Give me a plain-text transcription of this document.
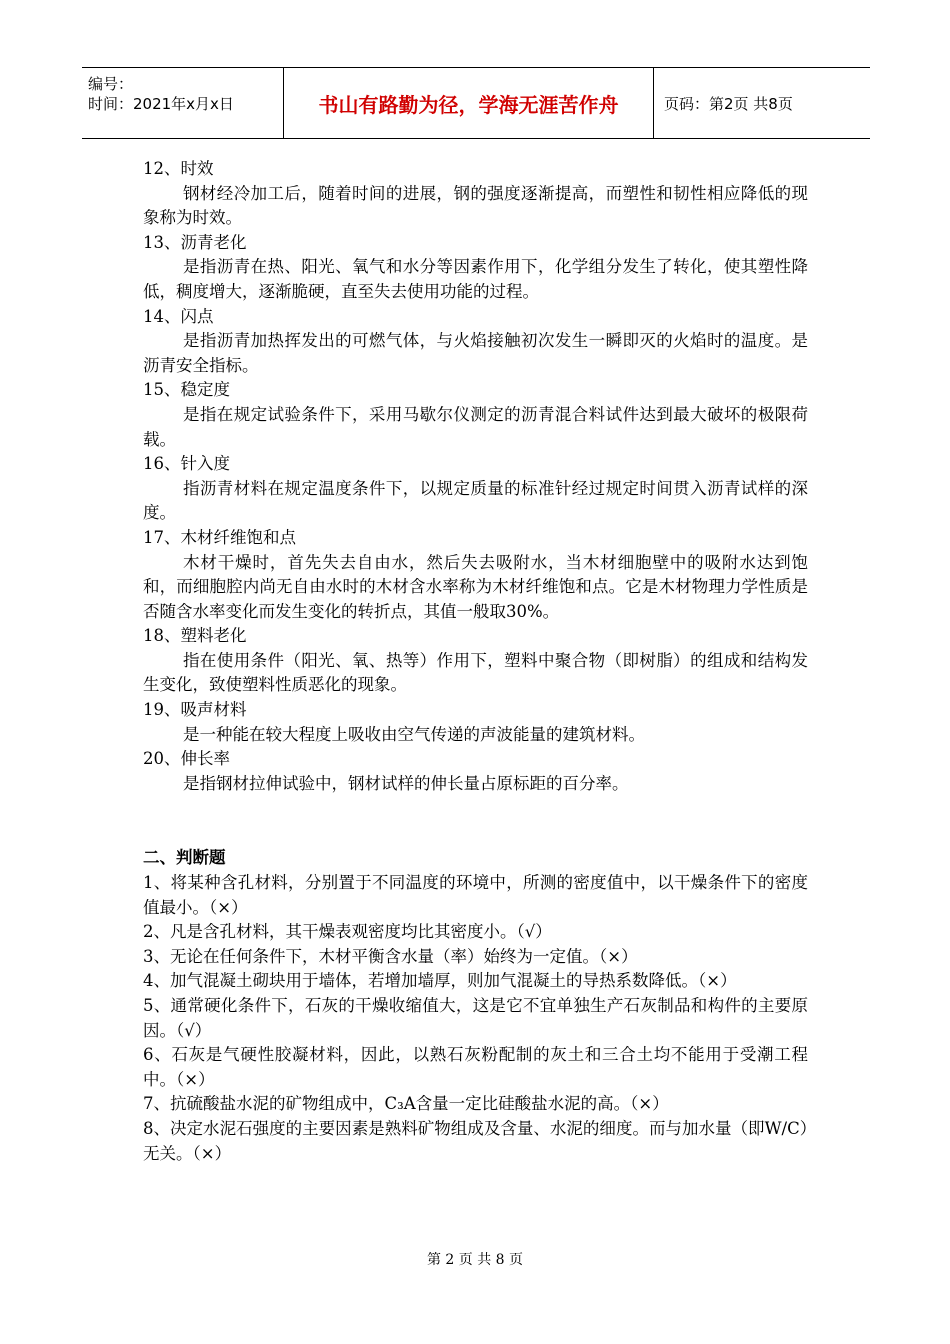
编号：
时间：2021年x月x日	书山有路勤为径，学海无涯苦作舟	页码：第2页 共8页

12、时效

钢材经冷加工后，随着时间的进展，钢的强度逐渐提高，而塑性和韧性相应降低的现象称为时效。

13、沥青老化

是指沥青在热、阳光、氧气和水分等因素作用下，化学组分发生了转化，使其塑性降低，稠度增大，逐渐脆硬，直至失去使用功能的过程。

14、闪点

是指沥青加热挥发出的可燃气体，与火焰接触初次发生一瞬即灭的火焰时的温度。是沥青安全指标。

15、稳定度

是指在规定试验条件下，采用马歇尔仪测定的沥青混合料试件达到最大破坏的极限荷载。

16、针入度

指沥青材料在规定温度条件下，以规定质量的标准针经过规定时间贯入沥青试样的深度。

17、木材纤维饱和点

木材干燥时，首先失去自由水，然后失去吸附水，当木材细胞壁中的吸附水达到饱和，而细胞腔内尚无自由水时的木材含水率称为木材纤维饱和点。它是木材物理力学性质是否随含水率变化而发生变化的转折点，其值一般取30%。

18、塑料老化

指在使用条件（阳光、氧、热等）作用下，塑料中聚合物（即树脂）的组成和结构发生变化，致使塑料性质恶化的现象。

19、吸声材料

是一种能在较大程度上吸收由空气传递的声波能量的建筑材料。

20、伸长率

是指钢材拉伸试验中，钢材试样的伸长量占原标距的百分率。

二、判断题

1、将某种含孔材料，分别置于不同温度的环境中，所测的密度值中，以干燥条件下的密度值最小。（×）

2、凡是含孔材料，其干燥表观密度均比其密度小。（√）

3、无论在任何条件下，木材平衡含水量（率）始终为一定值。（×）

4、加气混凝土砌块用于墙体，若增加墙厚，则加气混凝土的导热系数降低。（×）

5、通常硬化条件下，石灰的干燥收缩值大，这是它不宜单独生产石灰制品和构件的主要原因。（√）

6、石灰是气硬性胶凝材料，因此，以熟石灰粉配制的灰土和三合土均不能用于受潮工程中。（×）

7、抗硫酸盐水泥的矿物组成中，C₃A含量一定比硅酸盐水泥的高。（×）

8、决定水泥石强度的主要因素是熟料矿物组成及含量、水泥的细度。而与加水量（即W/C）无关。（×）

第 2 页 共 8 页
